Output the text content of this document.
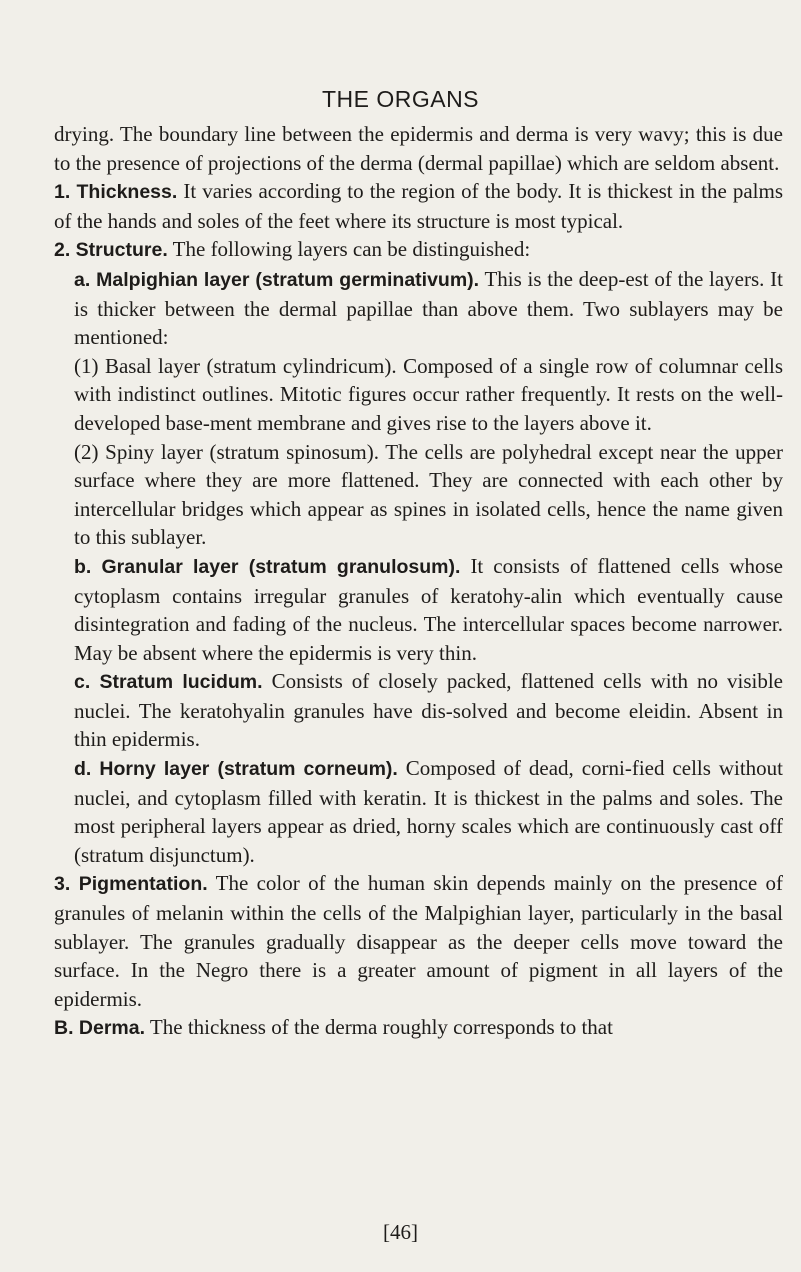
THE ORGANS

drying. The boundary line between the epidermis and derma is very wavy; this is due to the presence of projections of the derma (dermal papillae) which are seldom absent.

1. Thickness. It varies according to the region of the body. It is thickest in the palms of the hands and soles of the feet where its structure is most typical.

2. Structure. The following layers can be distinguished:

a. Malpighian layer (stratum germinativum). This is the deep-est of the layers. It is thicker between the dermal papillae than above them. Two sublayers may be mentioned:

(1) Basal layer (stratum cylindricum). Composed of a single row of columnar cells with indistinct outlines. Mitotic figures occur rather frequently. It rests on the well-developed base-ment membrane and gives rise to the layers above it.

(2) Spiny layer (stratum spinosum). The cells are polyhedral except near the upper surface where they are more flattened. They are connected with each other by intercellular bridges which appear as spines in isolated cells, hence the name given to this sublayer.

b. Granular layer (stratum granulosum). It consists of flattened cells whose cytoplasm contains irregular granules of keratohy-alin which eventually cause disintegration and fading of the nucleus. The intercellular spaces become narrower. May be absent where the epidermis is very thin.

c. Stratum lucidum. Consists of closely packed, flattened cells with no visible nuclei. The keratohyalin granules have dis-solved and become eleidin. Absent in thin epidermis.

d. Horny layer (stratum corneum). Composed of dead, corni-fied cells without nuclei, and cytoplasm filled with keratin. It is thickest in the palms and soles. The most peripheral layers appear as dried, horny scales which are continuously cast off (stratum disjunctum).

3. Pigmentation. The color of the human skin depends mainly on the presence of granules of melanin within the cells of the Malpighian layer, particularly in the basal sublayer. The granules gradually disappear as the deeper cells move toward the surface. In the Negro there is a greater amount of pigment in all layers of the epidermis.

B. Derma. The thickness of the derma roughly corresponds to that

[46]
